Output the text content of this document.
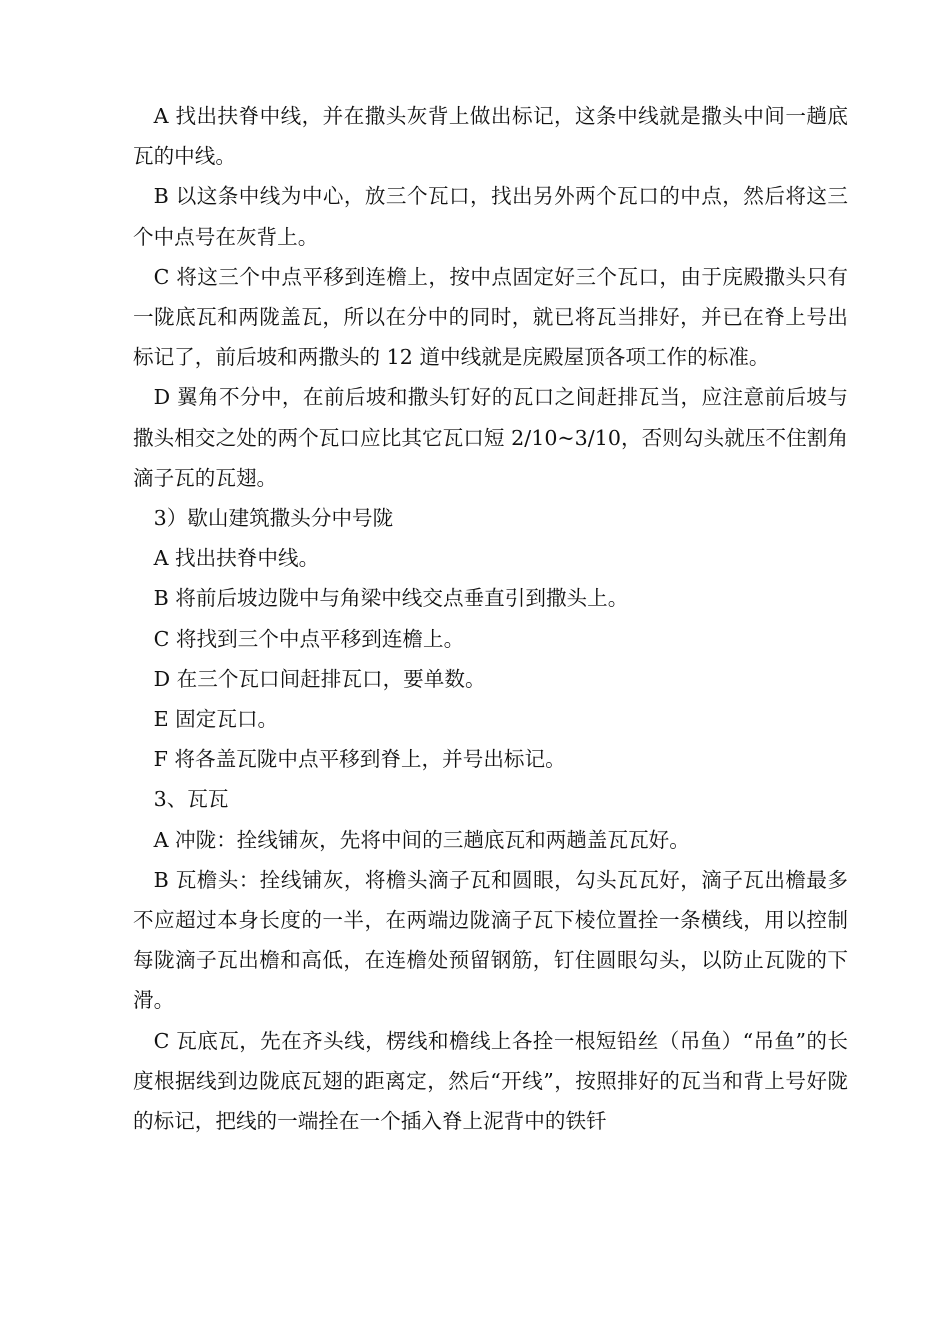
A 找出扶脊中线，并在撒头灰背上做出标记，这条中线就是撒头中间一趟底瓦的中线。

B 以这条中线为中心，放三个瓦口，找出另外两个瓦口的中点，然后将这三个中点号在灰背上。

C 将这三个中点平移到连檐上，按中点固定好三个瓦口，由于庑殿撒头只有一陇底瓦和两陇盖瓦，所以在分中的同时，就已将瓦当排好，并已在脊上号出标记了，前后坡和两撒头的 12 道中线就是庑殿屋顶各项工作的标准。

D 翼角不分中，在前后坡和撒头钉好的瓦口之间赶排瓦当，应注意前后坡与撒头相交之处的两个瓦口应比其它瓦口短 2/10~3/10，否则勾头就压不住割角滴子瓦的瓦翅。

3）歇山建筑撒头分中号陇

A 找出扶脊中线。

B 将前后坡边陇中与角梁中线交点垂直引到撒头上。

C 将找到三个中点平移到连檐上。

D 在三个瓦口间赶排瓦口，要单数。

E 固定瓦口。

F 将各盖瓦陇中点平移到脊上，并号出标记。

3、瓦瓦

A 冲陇：拴线铺灰，先将中间的三趟底瓦和两趟盖瓦瓦好。

B 瓦檐头：拴线铺灰，将檐头滴子瓦和圆眼，勾头瓦瓦好，滴子瓦出檐最多不应超过本身长度的一半，在两端边陇滴子瓦下棱位置拴一条横线，用以控制每陇滴子瓦出檐和高低，在连檐处预留钢筋，钉住圆眼勾头，以防止瓦陇的下滑。

C 瓦底瓦，先在齐头线，楞线和檐线上各拴一根短铅丝（吊鱼）“吊鱼”的长度根据线到边陇底瓦翅的距离定，然后“开线”，按照排好的瓦当和背上号好陇的标记，把线的一端拴在一个插入脊上泥背中的铁钎
